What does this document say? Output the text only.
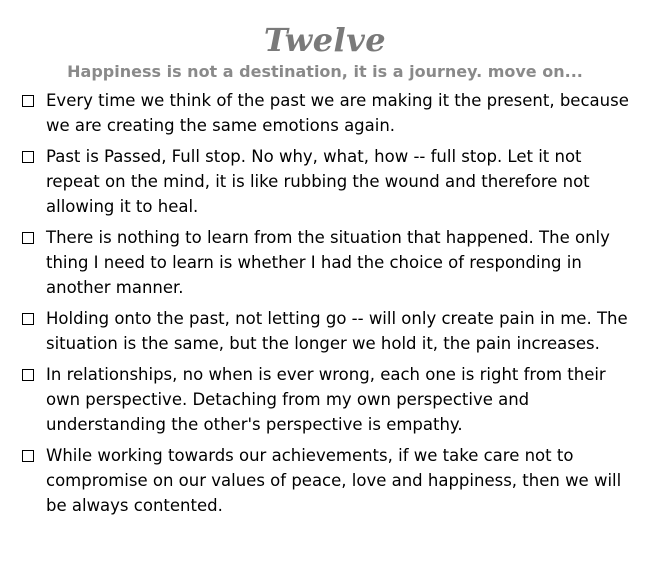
Twelve
Happiness is not a destination, it is a journey. move on...
Every time we think of the past we are making it the present, because we are creating the same emotions again.
Past is Passed, Full stop. No why, what, how -- full stop. Let it not repeat on the mind, it is like rubbing the wound and therefore not allowing it to heal.
There is nothing to learn from the situation that happened. The only thing I need to learn is whether I had the choice of responding in another manner.
Holding onto the past, not letting go -- will only create pain in me. The situation is the same, but the longer we hold it, the pain increases.
In relationships, no when is ever wrong, each one is right from their own perspective. Detaching from my own perspective and understanding the other's perspective is empathy.
While working towards our achievements, if we take care not to compromise on our values of peace, love and happiness, then we will be always contented.
